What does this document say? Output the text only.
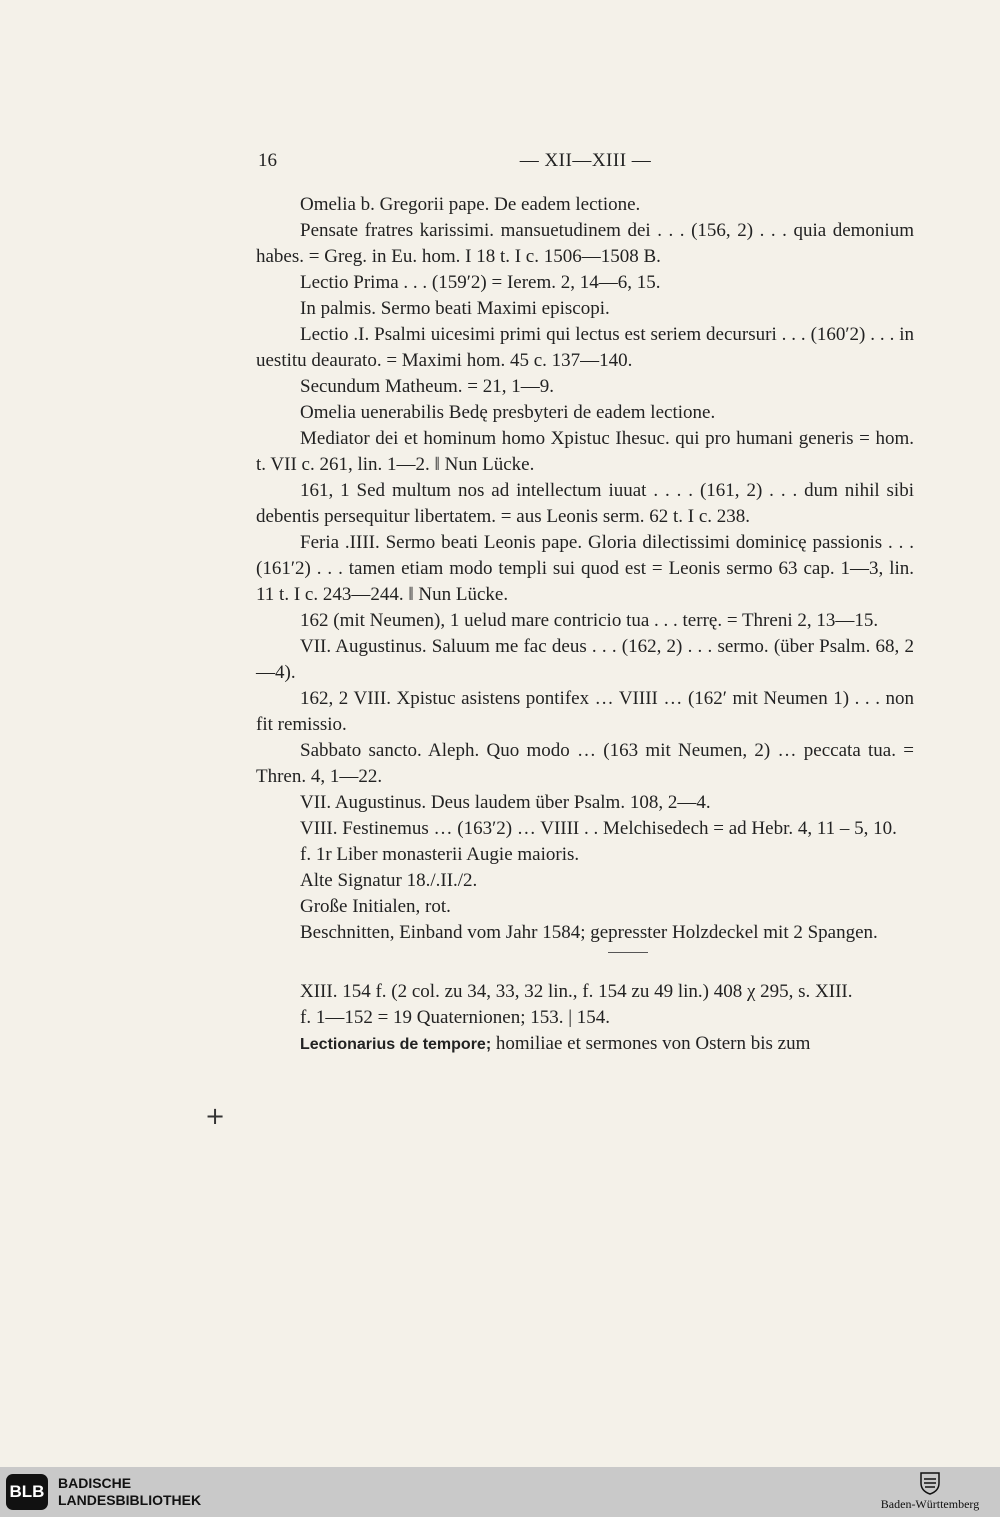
16	— XII—XIII —

Omelia b. Gregorii pape. De eadem lectione.

Pensate fratres karissimi. mansuetudinem dei . . . (156, 2) . . . quia demonium habes. = Greg. in Eu. hom. I 18 t. I c. 1506—1508 B.

Lectio Prima . . . (159′2) = Ierem. 2, 14—6, 15.

In palmis. Sermo beati Maximi episcopi.

Lectio .I. Psalmi uicesimi primi qui lectus est seriem decursuri . . . (160′2) . . . in uestitu deaurato. = Maximi hom. 45 c. 137—140.

Secundum Matheum. = 21, 1—9.

Omelia uenerabilis Bedę presbyteri de eadem lectione.

Mediator dei et hominum homo Χpistuc Ihesuc. qui pro humani generis = hom. t. VII c. 261, lin. 1—2. ‖ Nun Lücke.

161, 1 Sed multum nos ad intellectum iuuat . . . . (161, 2) . . . dum nihil sibi debentis persequitur libertatem. = aus Leonis serm. 62 t. I c. 238.

Feria .IIII. Sermo beati Leonis pape. Gloria dilectissimi dominicę passionis . . . (161′2) . . . tamen etiam modo templi sui quod est = Leonis sermo 63 cap. 1—3, lin. 11 t. I c. 243—244. ‖ Nun Lücke.

162 (mit Neumen), 1 uelud mare contricio tua . . . terrę. = Threni 2, 13—15.

VII. Augustinus. Saluum me fac deus . . . (162, 2) . . . sermo. (über Psalm. 68, 2—4).

162, 2 VIII. Χpistuc asistens pontifex … VIIII … (162′ mit Neumen 1) . . . non fit remissio.

Sabbato sancto. Aleph. Quo modo … (163 mit Neumen, 2) … peccata tua. = Thren. 4, 1—22.

VII. Augustinus. Deus laudem über Psalm. 108, 2—4.

VIII. Festinemus … (163′2) … VIIII . . Melchisedech = ad Hebr. 4, 11 – 5, 10.

f. 1r Liber monasterii Augie maioris.

Alte Signatur 18./.II./2.

Große Initialen, rot.

Beschnitten, Einband vom Jahr 1584; gepresster Holzdeckel mit 2 Spangen.

XIII. 154 f. (2 col. zu 34, 33, 32 lin., f. 154 zu 49 lin.) 408 χ 295, s. XIII.

f. 1—152 = 19 Quaternionen; 153. | 154.

Lectionarius de tempore; homiliae et sermones von Ostern bis zum

+
BLB BADISCHE
LANDESBIBLIOTHEK	Baden-Württemberg
